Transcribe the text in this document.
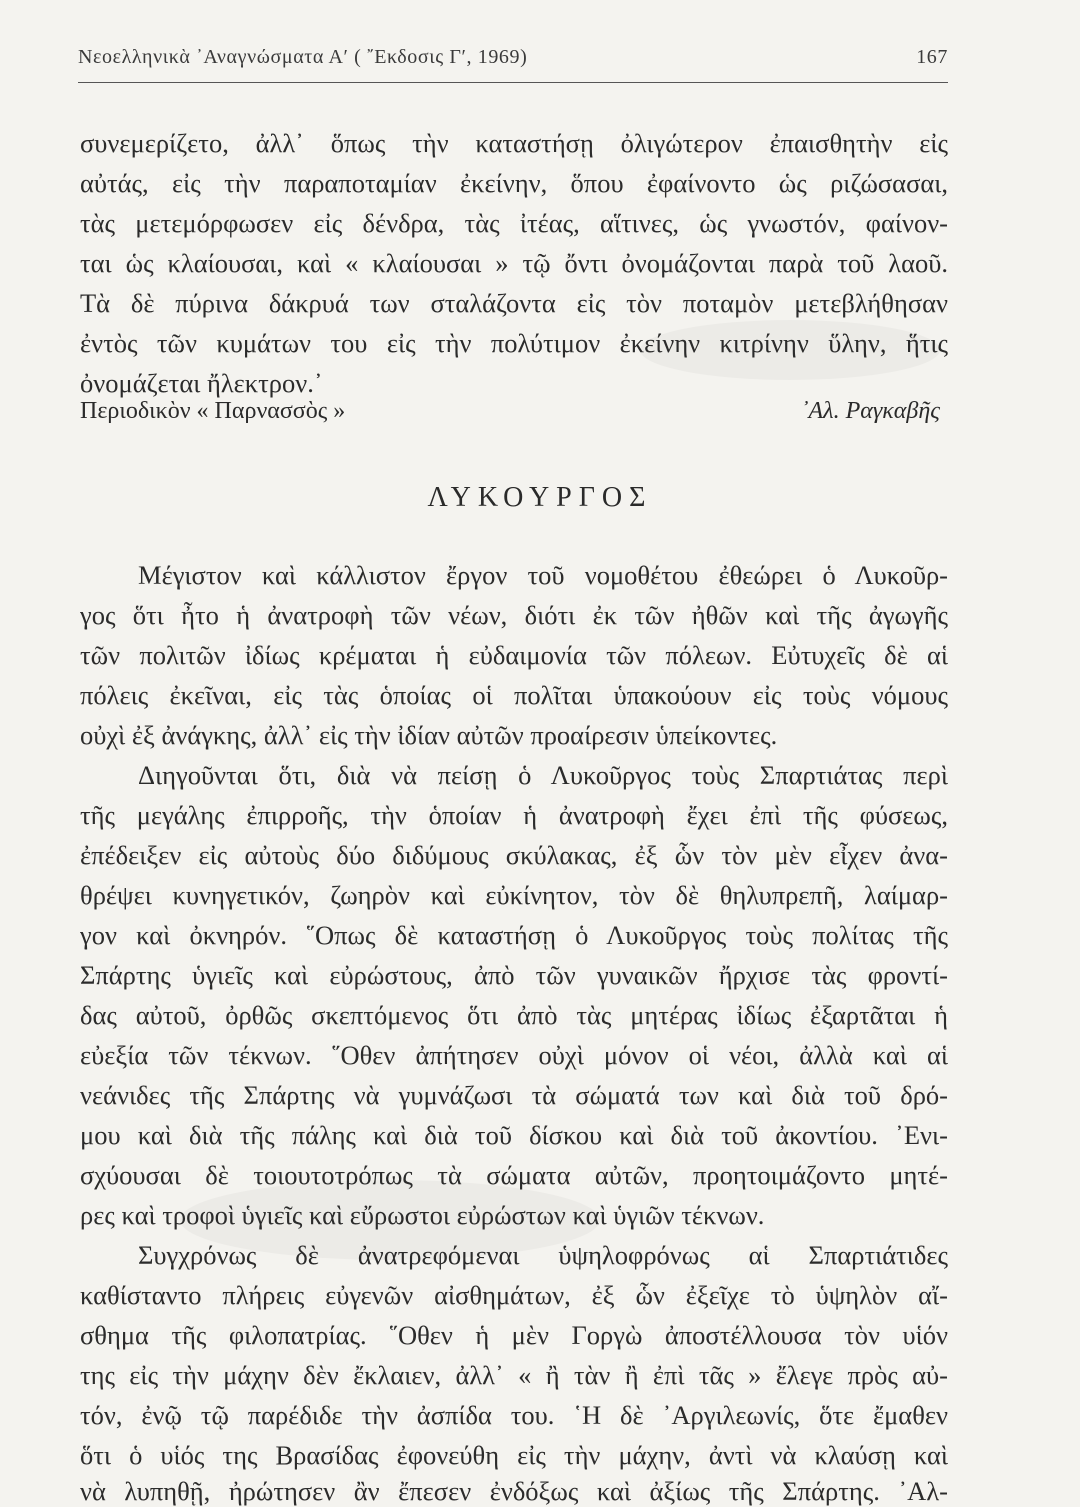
Νεοελληνικὰ ᾽Αναγνώσματα Α′ ( ῎Εκδοσις Γ′, 1969)	167
συνεμερίζετο, ἀλλ᾽ ὅπως τὴν καταστήσῃ ὀλιγώτερον ἐπαισθητὴν εἰς
αὐτάς, εἰς τὴν παραποταμίαν ἐκείνην, ὅπου ἐφαίνοντο ὡς ριζώσασαι,
τὰς μετεμόρφωσεν εἰς δένδρα, τὰς ἰτέας, αἵτινες, ὡς γνωστόν, φαίνον-
ται ὡς κλαίουσαι, καὶ « κλαίουσαι » τῷ ὄντι ὀνομάζονται παρὰ τοῦ λαοῦ.
Τὰ δὲ πύρινα δάκρυά των σταλάζοντα εἰς τὸν ποταμὸν μετεβλήθησαν
ἐντὸς τῶν κυμάτων του εἰς τὴν πολύτιμον ἐκείνην κιτρίνην ὕλην, ἥτις
ὀνομάζεται ἤλεκτρον.᾽
Περιοδικὸν « Παρνασσὸς »	᾽Αλ. Ραγκαβῆς
ΛΥΚΟΥΡΓΟΣ
Μέγιστον καὶ κάλλιστον ἔργον τοῦ νομοθέτου ἐθεώρει ὁ Λυκοῦρ-
γος ὅτι ἦτο ἡ ἀνατροφὴ τῶν νέων, διότι ἐκ τῶν ἠθῶν καὶ τῆς ἀγωγῆς
τῶν πολιτῶν ἰδίως κρέμαται ἡ εὐδαιμονία τῶν πόλεων. Εὐτυχεῖς δὲ αἱ
πόλεις ἐκεῖναι, εἰς τὰς ὁποίας οἱ πολῖται ὑπακούουν εἰς τοὺς νόμους
οὐχὶ ἐξ ἀνάγκης, ἀλλ᾽ εἰς τὴν ἰδίαν αὐτῶν προαίρεσιν ὑπείκοντες.
Διηγοῦνται ὅτι, διὰ νὰ πείσῃ ὁ Λυκοῦργος τοὺς Σπαρτιάτας περὶ
τῆς μεγάλης ἐπιρροῆς, τὴν ὁποίαν ἡ ἀνατροφὴ ἔχει ἐπὶ τῆς φύσεως,
ἐπέδειξεν εἰς αὐτοὺς δύο διδύμους σκύλακας, ἐξ ὧν τὸν μὲν εἶχεν ἀνα-
θρέψει κυνηγετικόν, ζωηρὸν καὶ εὐκίνητον, τὸν δὲ θηλυπρεπῆ, λαίμαρ-
γον καὶ ὀκνηρόν. ῞Οπως δὲ καταστήσῃ ὁ Λυκοῦργος τοὺς πολίτας τῆς
Σπάρτης ὑγιεῖς καὶ εὐρώστους, ἀπὸ τῶν γυναικῶν ἤρχισε τὰς φροντί-
δας αὐτοῦ, ὀρθῶς σκεπτόμενος ὅτι ἀπὸ τὰς μητέρας ἰδίως ἐξαρτᾶται ἡ
εὐεξία τῶν τέκνων. ῞Οθεν ἀπήτησεν οὐχὶ μόνον οἱ νέοι, ἀλλὰ καὶ αἱ
νεάνιδες τῆς Σπάρτης νὰ γυμνάζωσι τὰ σώματά των καὶ διὰ τοῦ δρό-
μου καὶ διὰ τῆς πάλης καὶ διὰ τοῦ δίσκου καὶ διὰ τοῦ ἀκοντίου. ᾽Ενι-
σχύουσαι δὲ τοιουτοτρόπως τὰ σώματα αὐτῶν, προητοιμάζοντο μητέ-
ρες καὶ τροφοὶ ὑγιεῖς καὶ εὔρωστοι εὐρώστων καὶ ὑγιῶν τέκνων.
Συγχρόνως δὲ ἀνατρεφόμεναι ὑψηλοφρόνως αἱ Σπαρτιάτιδες
καθίσταντο πλήρεις εὐγενῶν αἰσθημάτων, ἐξ ὧν ἐξεῖχε τὸ ὑψηλὸν αἴ-
σθημα τῆς φιλοπατρίας. ῞Οθεν ἡ μὲν Γοργὼ ἀποστέλλουσα τὸν υἱόν
της εἰς τὴν μάχην δὲν ἔκλαιεν, ἀλλ᾽ « ἢ τὰν ἢ ἐπὶ τᾶς » ἔλεγε πρὸς αὐ-
τόν, ἐνῷ τῷ παρέδιδε τὴν ἀσπίδα του. ῾Η δὲ ᾽Αργιλεωνίς, ὅτε ἔμαθεν
ὅτι ὁ υἱός της Βρασίδας ἐφονεύθη εἰς τὴν μάχην, ἀντὶ νὰ κλαύσῃ καὶ
νὰ λυπηθῇ, ἠρώτησεν ἂν ἔπεσεν ἐνδόξως καὶ ἀξίως τῆς Σπάρτης. ᾽Αλ-
